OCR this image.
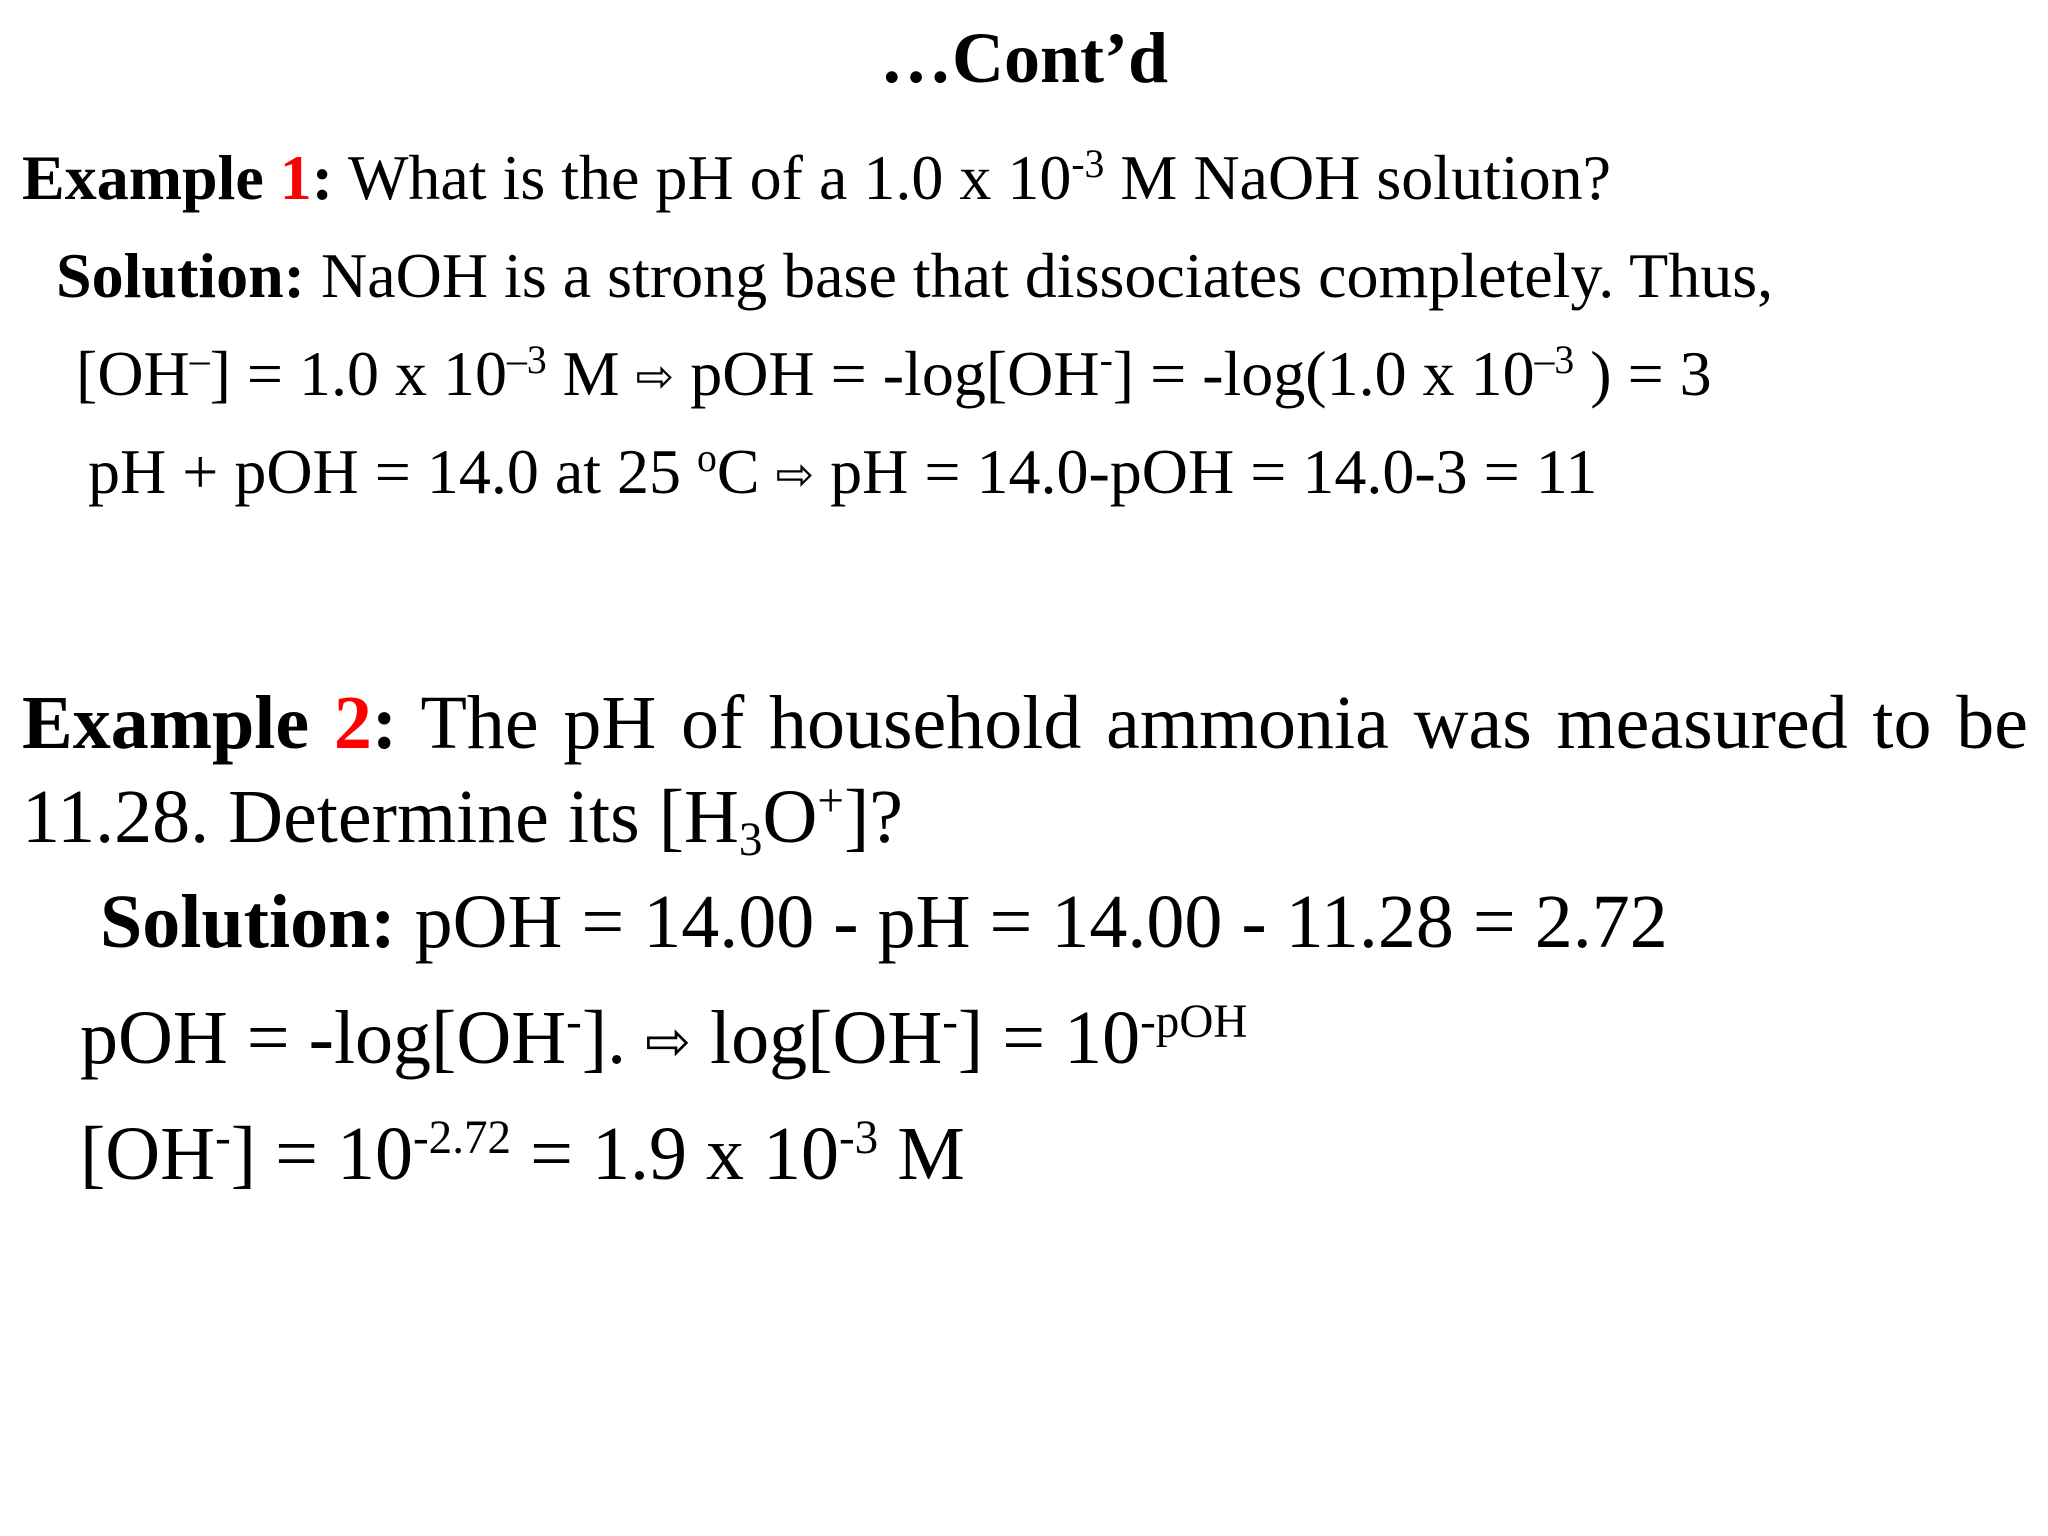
…Cont’d
Example 1: What is the pH of a 1.0 x $10^{-3}$ M NaOH solution?
Solution: NaOH is a strong base that dissociates completely. Thus,
[OH–] = 1.0 x $10^{-3}$ M ⇨ pOH = -log[OH-] = -log(1.0 x $10^{-3}$ ) = 3
pH + pOH = 14.0 at 25 $^o$C ⇨ pH = 14.0-pOH = 14.0-3 = 11
Example 2: The pH of household ammonia was measured to be 11.28. Determine its $[H_3O^+]$?
Solution: pOH = 14.00 - pH = 14.00 - 11.28 = 2.72
pOH = -log[OH-]. ⇨ $\log[OH^-] = 10^{-pOH}$
$[OH^-] = 10^{-2.72} = 1.9$ x $10^{-3}$ M
